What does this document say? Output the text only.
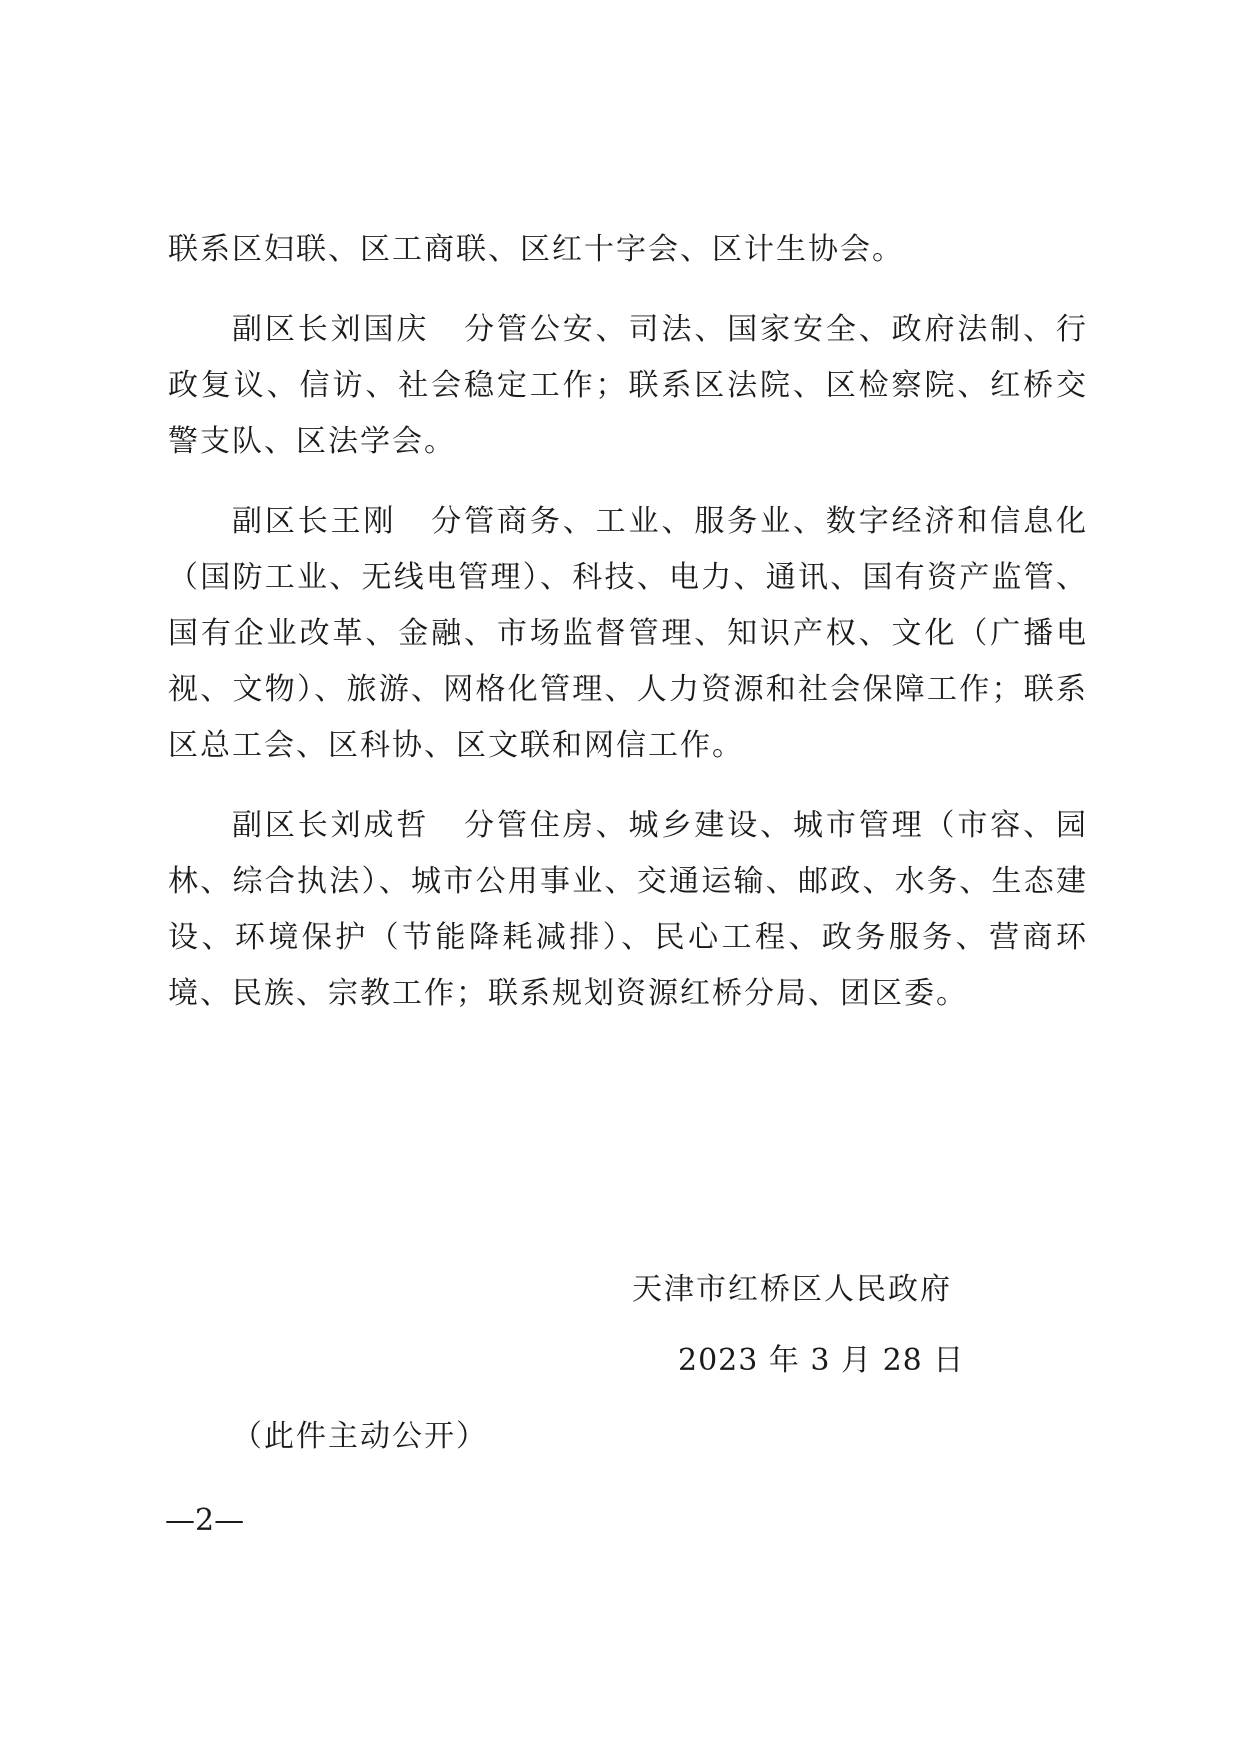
联系区妇联、区工商联、区红十字会、区计生协会。

副区长刘国庆 分管公安、司法、国家安全、政府法制、行政复议、信访、社会稳定工作；联系区法院、区检察院、红桥交警支队、区法学会。

副区长王刚 分管商务、工业、服务业、数字经济和信息化（国防工业、无线电管理）、科技、电力、通讯、国有资产监管、国有企业改革、金融、市场监督管理、知识产权、文化（广播电视、文物）、旅游、网格化管理、人力资源和社会保障工作；联系区总工会、区科协、区文联和网信工作。

副区长刘成哲 分管住房、城乡建设、城市管理（市容、园林、综合执法）、城市公用事业、交通运输、邮政、水务、生态建设、环境保护（节能降耗减排）、民心工程、政务服务、营商环境、民族、宗教工作；联系规划资源红桥分局、团区委。

天津市红桥区人民政府
2023 年 3 月 28 日
（此件主动公开）
—2—
